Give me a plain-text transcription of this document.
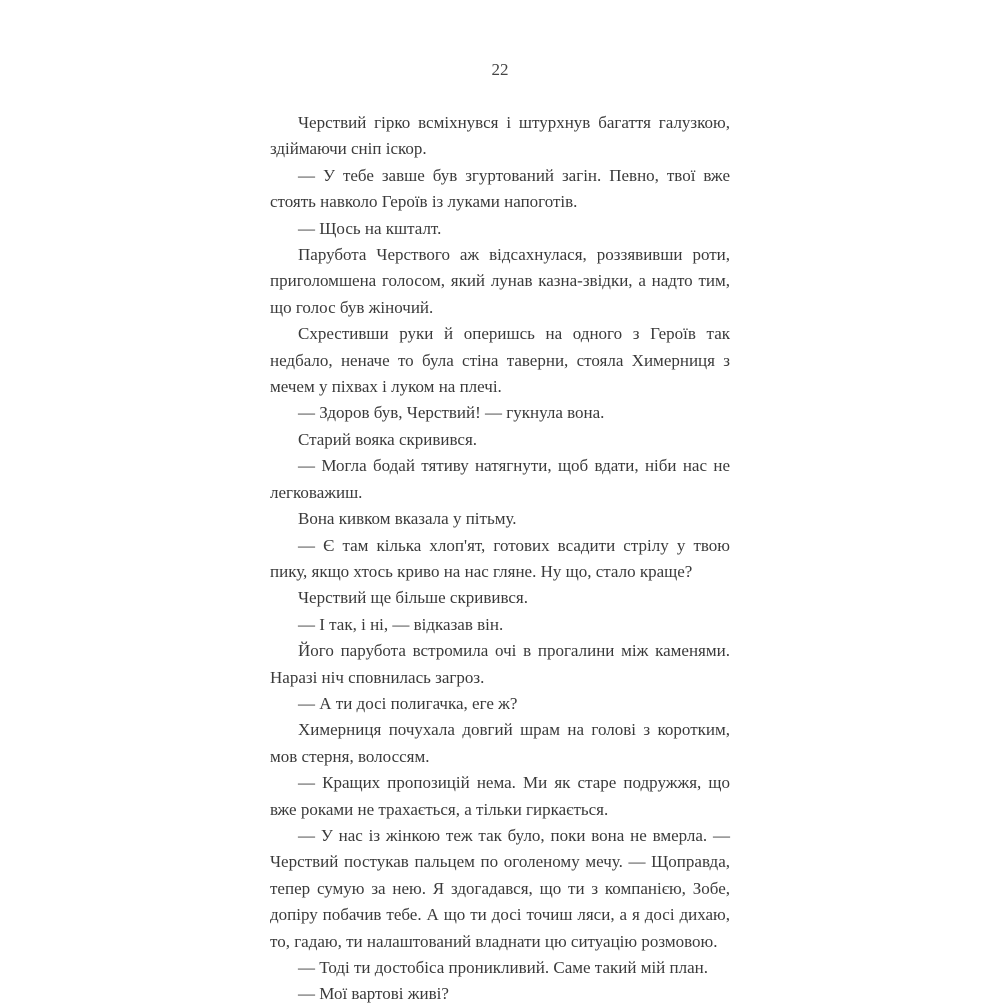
22

Черствий гірко всміхнувся і штурхнув багаття галузкою, здіймаючи сніп іскор.

— У тебе завше був згуртований загін. Певно, твої вже стоять навколо Героїв із луками напоготів.

— Щось на кшталт.

Парубота Черствого аж відсахнулася, роззявивши роти, приголомшена голосом, який лунав казна-звідки, а надто тим, що голос був жіночий.

Схрестивши руки й оперишсь на одного з Героїв так недбало, неначе то була стіна таверни, стояла Химерниця з мечем у піхвах і луком на плечі.

— Здоров був, Черствий! — гукнула вона.

Старий вояка скривився.

— Могла бодай тятиву натягнути, щоб вдати, ніби нас не легковажиш.

Вона кивком вказала у пітьму.

— Є там кілька хлоп'ят, готових всадити стрілу у твою пику, якщо хтось криво на нас гляне. Ну що, стало краще?

Черствий ще більше скривився.

— І так, і ні, — відказав він.

Його парубота встромила очі в прогалини між каменями. Наразі ніч сповнилась загроз.

— А ти досі полигачка, еге ж?

Химерниця почухала довгий шрам на голові з коротким, мов стерня, волоссям.

— Кращих пропозицій нема. Ми як старе подружжя, що вже роками не трахається, а тільки гиркається.

— У нас із жінкою теж так було, поки вона не вмерла. — Черствий постукав пальцем по оголеному мечу. — Щоправда, тепер сумую за нею. Я здогадався, що ти з компанією, Зобе, допіру побачив тебе. А що ти досі точиш ляси, а я досі дихаю, то, гадаю, ти налаштований владнати цю ситуацію розмовою.

— Тоді ти достобіса проникливий. Саме такий мій план.

— Мої вартові живі?
